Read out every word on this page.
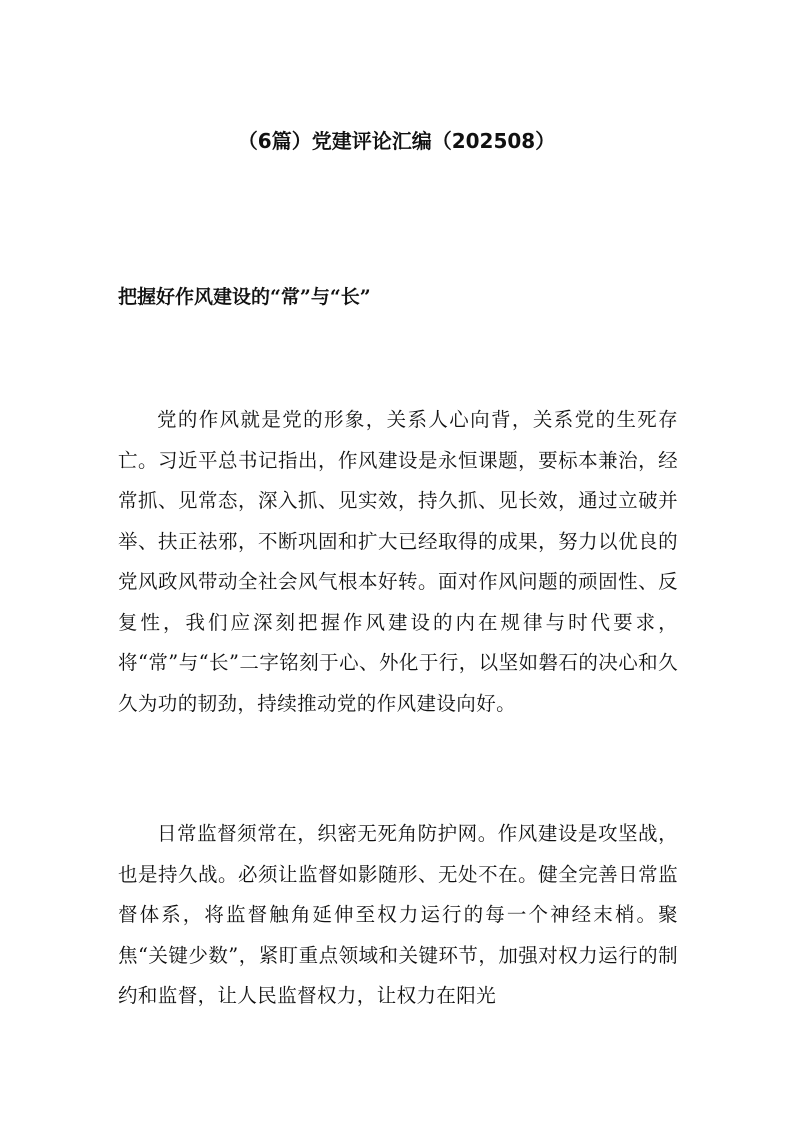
（6篇）党建评论汇编（202508）
把握好作风建设的“常”与“长”

党的作风就是党的形象，关系人心向背，关系党的生死存亡。习近平总书记指出，作风建设是永恒课题，要标本兼治，经常抓、见常态，深入抓、见实效，持久抓、见长效，通过立破并举、扶正祛邪，不断巩固和扩大已经取得的成果，努力以优良的党风政风带动全社会风气根本好转。面对作风问题的顽固性、反复性，我们应深刻把握作风建设的内在规律与时代要求，将“常”与“长”二字铭刻于心、外化于行，以坚如磐石的决心和久久为功的韧劲，持续推动党的作风建设向好。

日常监督须常在，织密无死角防护网。作风建设是攻坚战，也是持久战。必须让监督如影随形、无处不在。健全完善日常监督体系，将监督触角延伸至权力运行的每一个神经末梢。聚焦“关键少数”，紧盯重点领域和关键环节，加强对权力运行的制约和监督，让人民监督权力，让权力在阳光
